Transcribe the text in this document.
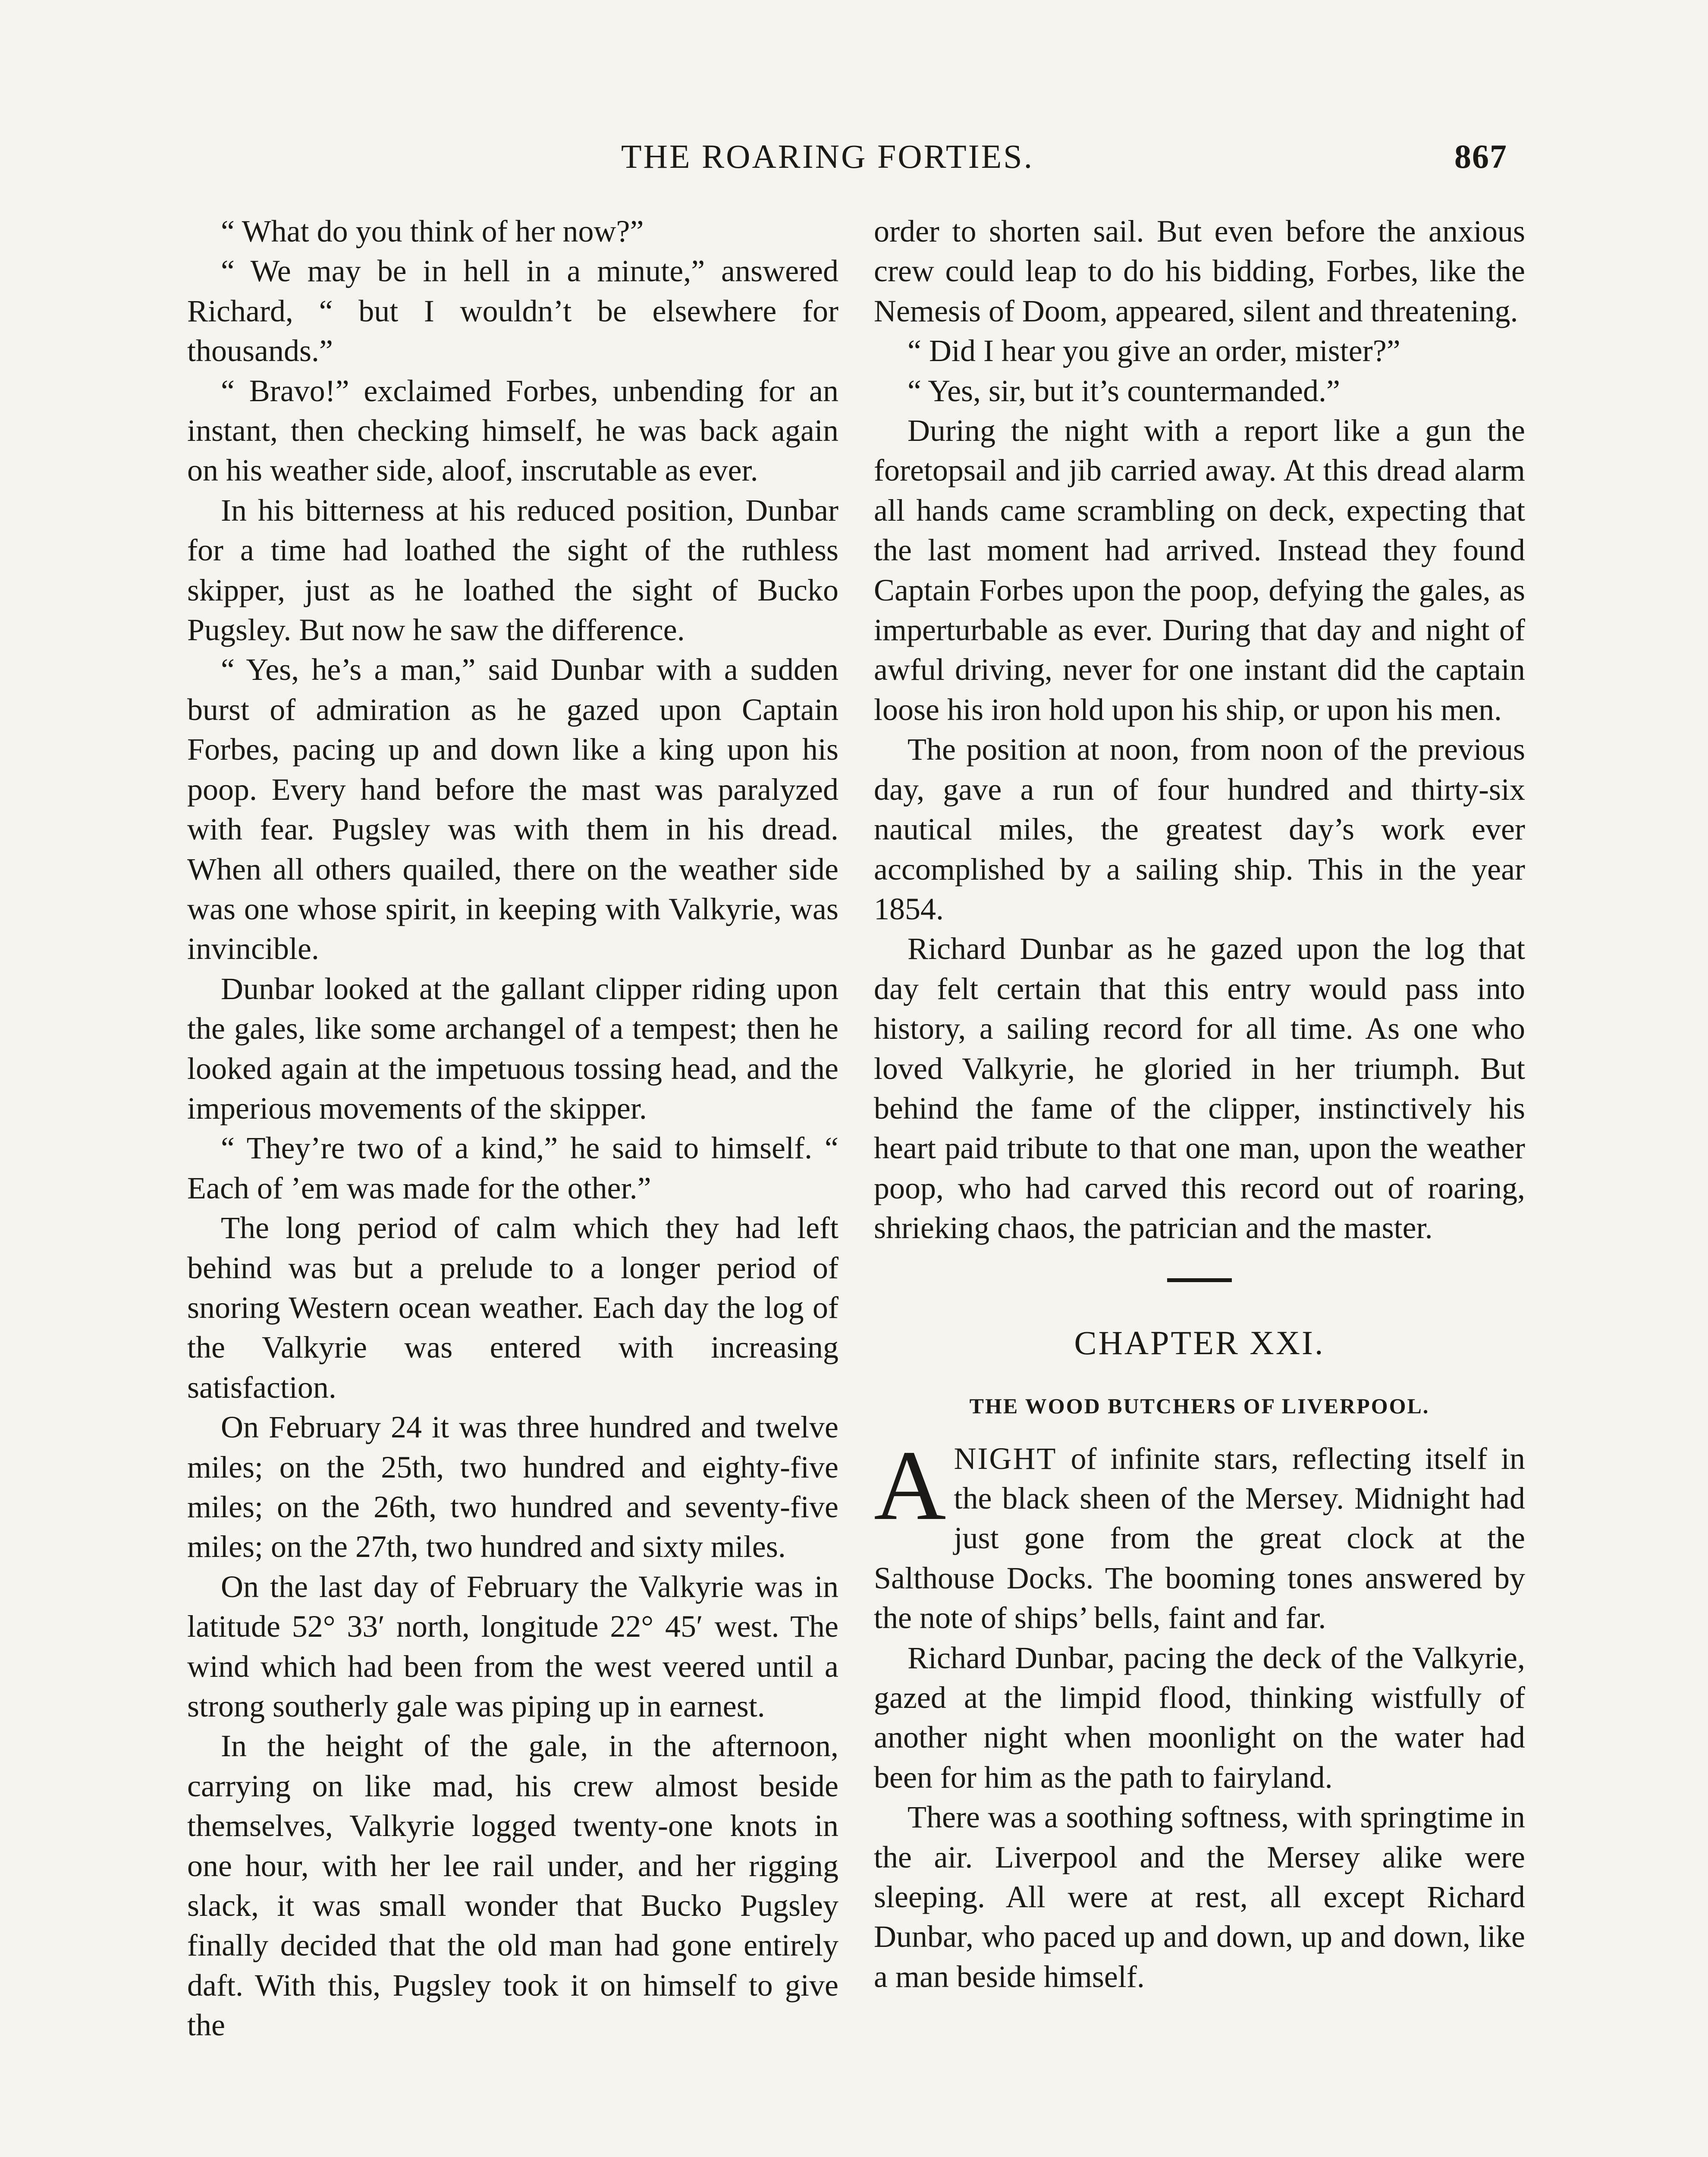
THE ROARING FORTIES.	867

“ What do you think of her now?”

“ We may be in hell in a minute,” answered Richard, “ but I wouldn’t be elsewhere for thousands.”

“ Bravo!” exclaimed Forbes, unbending for an instant, then checking himself, he was back again on his weather side, aloof, inscrutable as ever.

In his bitterness at his reduced position, Dunbar for a time had loathed the sight of the ruthless skipper, just as he loathed the sight of Bucko Pugsley. But now he saw the difference.

“ Yes, he’s a man,” said Dunbar with a sudden burst of admiration as he gazed upon Captain Forbes, pacing up and down like a king upon his poop. Every hand before the mast was paralyzed with fear. Pugsley was with them in his dread. When all others quailed, there on the weather side was one whose spirit, in keeping with Valkyrie, was invincible.

Dunbar looked at the gallant clipper riding upon the gales, like some archangel of a tempest; then he looked again at the impetuous tossing head, and the imperious movements of the skipper.

“ They’re two of a kind,” he said to himself. “ Each of ’em was made for the other.”

The long period of calm which they had left behind was but a prelude to a longer period of snoring Western ocean weather. Each day the log of the Valkyrie was entered with increasing satisfaction.

On February 24 it was three hundred and twelve miles; on the 25th, two hundred and eighty-five miles; on the 26th, two hundred and seventy-five miles; on the 27th, two hundred and sixty miles.

On the last day of February the Valkyrie was in latitude 52° 33′ north, longitude 22° 45′ west. The wind which had been from the west veered until a strong southerly gale was piping up in earnest.

In the height of the gale, in the afternoon, carrying on like mad, his crew almost beside themselves, Valkyrie logged twenty-one knots in one hour, with her lee rail under, and her rigging slack, it was small wonder that Bucko Pugsley finally decided that the old man had gone entirely daft. With this, Pugsley took it on himself to give the

order to shorten sail. But even before the anxious crew could leap to do his bidding, Forbes, like the Nemesis of Doom, appeared, silent and threatening.

“ Did I hear you give an order, mister?”

“ Yes, sir, but it’s countermanded.”

During the night with a report like a gun the foretopsail and jib carried away. At this dread alarm all hands came scrambling on deck, expecting that the last moment had arrived. Instead they found Captain Forbes upon the poop, defying the gales, as imperturbable as ever. During that day and night of awful driving, never for one instant did the captain loose his iron hold upon his ship, or upon his men.

The position at noon, from noon of the previous day, gave a run of four hundred and thirty-six nautical miles, the greatest day’s work ever accomplished by a sailing ship. This in the year 1854.

Richard Dunbar as he gazed upon the log that day felt certain that this entry would pass into history, a sailing record for all time. As one who loved Valkyrie, he gloried in her triumph. But behind the fame of the clipper, instinctively his heart paid tribute to that one man, upon the weather poop, who had carved this record out of roaring, shrieking chaos, the patrician and the master.

CHAPTER XXI.
THE WOOD BUTCHERS OF LIVERPOOL.

ANIGHT of infinite stars, reflecting itself in the black sheen of the Mersey. Midnight had just gone from the great clock at the Salthouse Docks. The booming tones answered by the note of ships’ bells, faint and far.

Richard Dunbar, pacing the deck of the Valkyrie, gazed at the limpid flood, thinking wistfully of another night when moonlight on the water had been for him as the path to fairyland.

There was a soothing softness, with springtime in the air. Liverpool and the Mersey alike were sleeping. All were at rest, all except Richard Dunbar, who paced up and down, up and down, like a man beside himself.
